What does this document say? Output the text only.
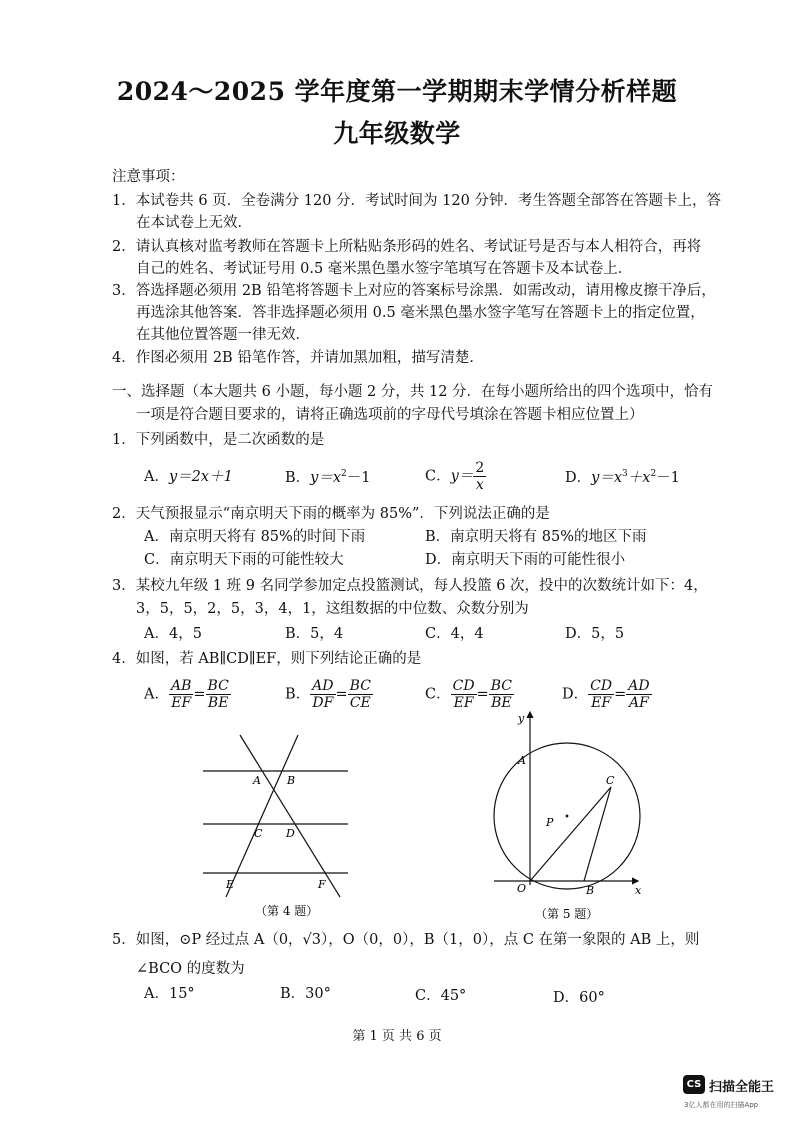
2024～2025 学年度第一学期期末学情分析样题
九年级数学
注意事项：
1．本试卷共 6 页．全卷满分 120 分．考试时间为 120 分钟．考生答题全部答在答题卡上，答
在本试卷上无效．
2．请认真核对监考教师在答题卡上所粘贴条形码的姓名、考试证号是否与本人相符合，再将
自己的姓名、考试证号用 0.5 毫米黑色墨水签字笔填写在答题卡及本试卷上．
3．答选择题必须用 2B 铅笔将答题卡上对应的答案标号涂黑．如需改动，请用橡皮擦干净后，
再选涂其他答案．答非选择题必须用 0.5 毫米黑色墨水签字笔写在答题卡上的指定位置，
在其他位置答题一律无效．
4．作图必须用 2B 铅笔作答，并请加黑加粗，描写清楚．
一、选择题（本大题共 6 小题，每小题 2 分，共 12 分．在每小题所给出的四个选项中，恰有
一项是符合题目要求的，请将正确选项前的字母代号填涂在答题卡相应位置上）
1．下列函数中，是二次函数的是
A．y＝2x＋1	B．$y=x^2-1$	C．$y= \frac{2}{x}$	D．$y=x^3+x^2-1$
2．天气预报显示“南京明天下雨的概率为 85%”．下列说法正确的是
A．南京明天将有 85%的时间下雨	B．南京明天将有 85%的地区下雨
C．南京明天下雨的可能性较大	D．南京明天下雨的可能性很小
3．某校九年级 1 班 9 名同学参加定点投篮测试，每人投篮 6 次，投中的次数统计如下：4，
3，5，5，2，5，3，4，1，这组数据的中位数、众数分别为
A．4，5	B．5，4	C．4，4	D．5，5
4．如图，若 AB∥CD∥EF，则下列结论正确的是
A． $\frac{AB}{EF} = \frac{BC}{BE}$	B． $\frac{AD}{DF} = \frac{BC}{CE}$	C． $\frac{CD}{EF} = \frac{BC}{BE}$	D． $\frac{CD}{EF} = \frac{AD}{AF}$
A B
C D
E	F
（第 4 题）
y
x
A
C
P
O	B
（第 5 题）
5．如图，⊙P 经过点 A（0，√3），O（0，0），B（1，0），点 C 在第一象限的 AB 上，则
∠BCO 的度数为
A．15°	B．30°	C．45°	D．60°
第 1 页 共 6 页
CS 扫描全能王
3亿人都在用的扫描App
